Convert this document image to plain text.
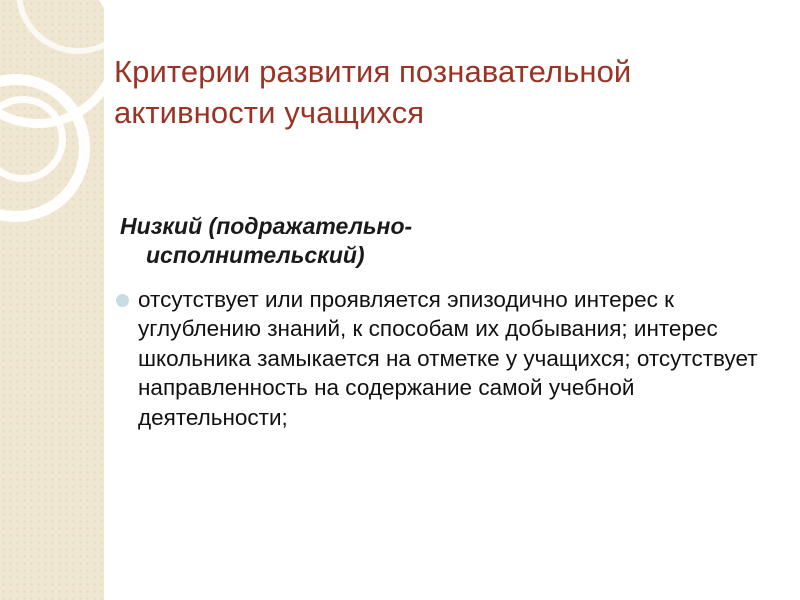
Критерии развития познавательной активности учащихся
Низкий (подражательно-
исполнительский)
отсутствует или проявляется эпизодично интерес к углублению знаний, к способам их добывания; интерес школьника замыкается на отметке у учащихся; отсутствует направленность на содержание самой учебной деятельности;
